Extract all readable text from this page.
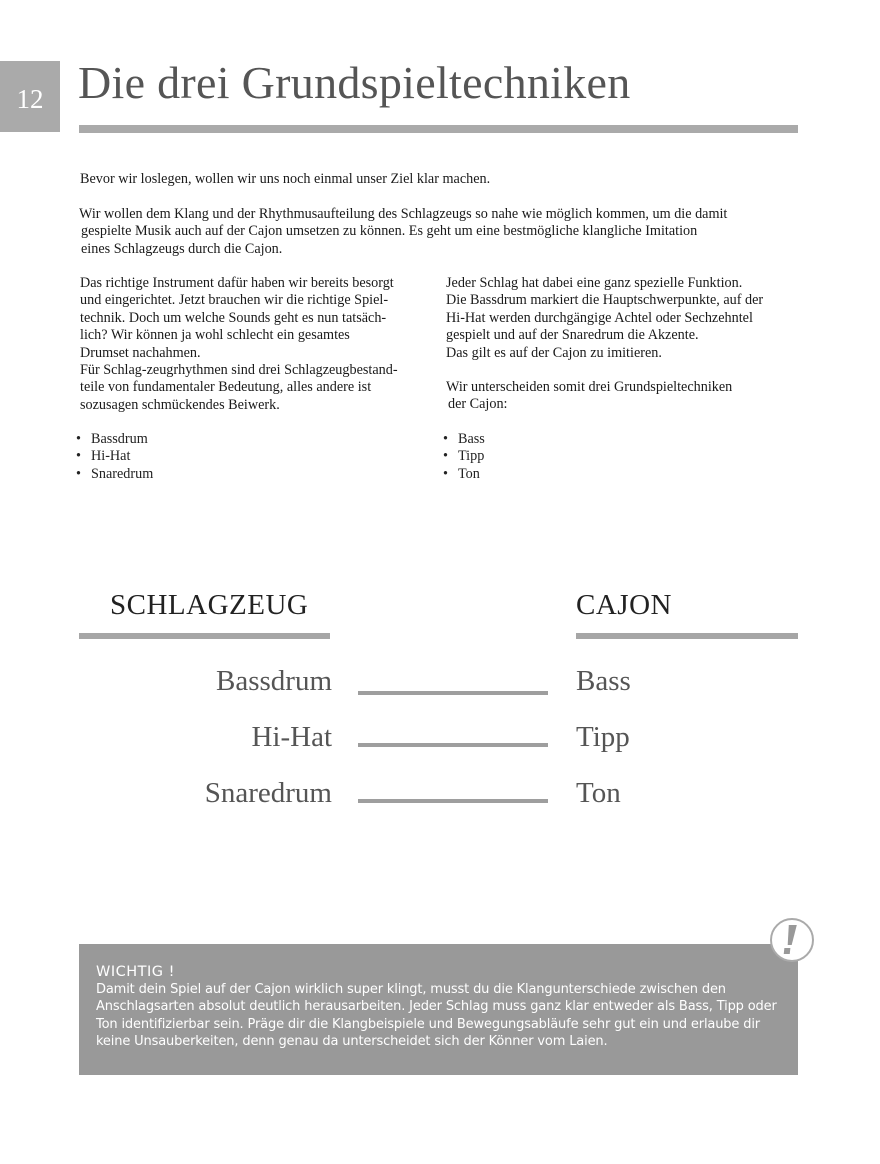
12 Die drei Grundspieltechniken
Bevor wir loslegen, wollen wir uns noch einmal unser Ziel klar machen.
Wir wollen dem Klang und der Rhythmusaufteilung des Schlagzeugs so nahe wie möglich kommen, um die damit
gespielte Musik auch auf der Cajon umsetzen zu können. Es geht um eine bestmögliche klangliche Imitation
eines Schlagzeugs durch die Cajon.
Das richtige Instrument dafür haben wir bereits besorgt
und eingerichtet. Jetzt brauchen wir die richtige Spiel-
technik. Doch um welche Sounds geht es nun tatsäch-
lich? Wir können ja wohl schlecht ein gesamtes
Drumset nachahmen.
Für Schlag-zeugrhythmen sind drei Schlagzeugbestand-
teile von fundamentaler Bedeutung, alles andere ist
sozusagen schmückendes Beiwerk.
• Bassdrum
• Hi-Hat
• Snaredrum
Jeder Schlag hat dabei eine ganz spezielle Funktion.
Die Bassdrum markiert die Hauptschwerpunkte, auf der
Hi-Hat werden durchgängige Achtel oder Sechzehntel
gespielt und auf der Snaredrum die Akzente.
Das gilt es auf der Cajon zu imitieren.
Wir unterscheiden somit drei Grundspieltechniken
der Cajon:
• Bass
• Tipp
• Ton
SCHLAGZEUG	CAJON
Bassdrum	Bass
Hi-Hat	Tipp
Snaredrum	Ton
WICHTIG !
Damit dein Spiel auf der Cajon wirklich super klingt, musst du die Klangunterschiede zwischen den
Anschlagsarten absolut deutlich herausarbeiten. Jeder Schlag muss ganz klar entweder als Bass, Tipp oder
Ton identifizierbar sein. Präge dir die Klangbeispiele und Bewegungsabläufe sehr gut ein und erlaube dir
keine Unsauberkeiten, denn genau da unterscheidet sich der Könner vom Laien.
